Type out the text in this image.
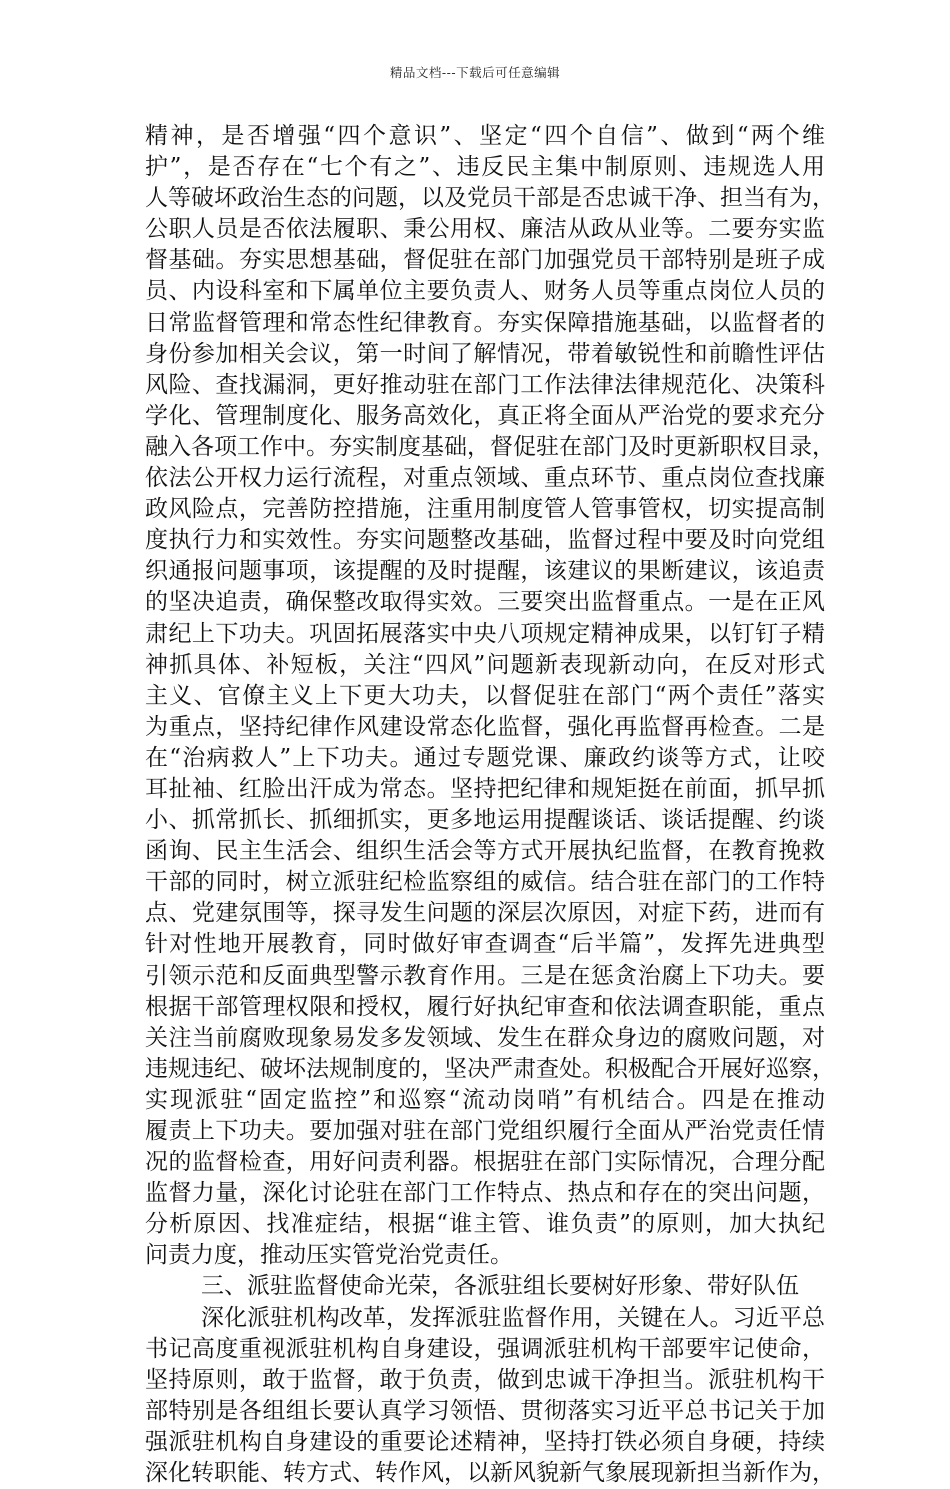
精品文档---下载后可任意编辑
精神，是否增强“四个意识”、坚定“四个自信”、做到“两个维
护”，是否存在“七个有之”、违反民主集中制原则、违规选人用
人等破坏政治生态的问题，以及党员干部是否忠诚干净、担当有为，
公职人员是否依法履职、秉公用权、廉洁从政从业等。二要夯实监
督基础。夯实思想基础，督促驻在部门加强党员干部特别是班子成
员、内设科室和下属单位主要负责人、财务人员等重点岗位人员的
日常监督管理和常态性纪律教育。夯实保障措施基础，以监督者的
身份参加相关会议，第一时间了解情况，带着敏锐性和前瞻性评估
风险、查找漏洞，更好推动驻在部门工作法律法律规范化、决策科
学化、管理制度化、服务高效化，真正将全面从严治党的要求充分
融入各项工作中。夯实制度基础，督促驻在部门及时更新职权目录，
依法公开权力运行流程，对重点领域、重点环节、重点岗位查找廉
政风险点，完善防控措施，注重用制度管人管事管权，切实提高制
度执行力和实效性。夯实问题整改基础，监督过程中要及时向党组
织通报问题事项，该提醒的及时提醒，该建议的果断建议，该追责
的坚决追责，确保整改取得实效。三要突出监督重点。一是在正风
肃纪上下功夫。巩固拓展落实中央八项规定精神成果，以钉钉子精
神抓具体、补短板，关注“四风”问题新表现新动向，在反对形式
主义、官僚主义上下更大功夫，以督促驻在部门“两个责任”落实
为重点，坚持纪律作风建设常态化监督，强化再监督再检查。二是
在“治病救人”上下功夫。通过专题党课、廉政约谈等方式，让咬
耳扯袖、红脸出汗成为常态。坚持把纪律和规矩挺在前面，抓早抓
小、抓常抓长、抓细抓实，更多地运用提醒谈话、谈话提醒、约谈
函询、民主生活会、组织生活会等方式开展执纪监督，在教育挽救
干部的同时，树立派驻纪检监察组的威信。结合驻在部门的工作特
点、党建氛围等，探寻发生问题的深层次原因，对症下药，进而有
针对性地开展教育，同时做好审查调查“后半篇”，发挥先进典型
引领示范和反面典型警示教育作用。三是在惩贪治腐上下功夫。要
根据干部管理权限和授权，履行好执纪审查和依法调查职能，重点
关注当前腐败现象易发多发领域、发生在群众身边的腐败问题，对
违规违纪、破坏法规制度的，坚决严肃查处。积极配合开展好巡察，
实现派驻“固定监控”和巡察“流动岗哨”有机结合。四是在推动
履责上下功夫。要加强对驻在部门党组织履行全面从严治党责任情
况的监督检查，用好问责利器。根据驻在部门实际情况，合理分配
监督力量，深化讨论驻在部门工作特点、热点和存在的突出问题，
分析原因、找准症结，根据“谁主管、谁负责”的原则，加大执纪
问责力度，推动压实管党治党责任。
三、派驻监督使命光荣，各派驻组长要树好形象、带好队伍
深化派驻机构改革，发挥派驻监督作用，关键在人。习近平总
书记高度重视派驻机构自身建设，强调派驻机构干部要牢记使命，
坚持原则，敢于监督，敢于负责，做到忠诚干净担当。派驻机构干
部特别是各组组长要认真学习领悟、贯彻落实习近平总书记关于加
强派驻机构自身建设的重要论述精神，坚持打铁必须自身硬，持续
深化转职能、转方式、转作风，以新风貌新气象展现新担当新作为，
